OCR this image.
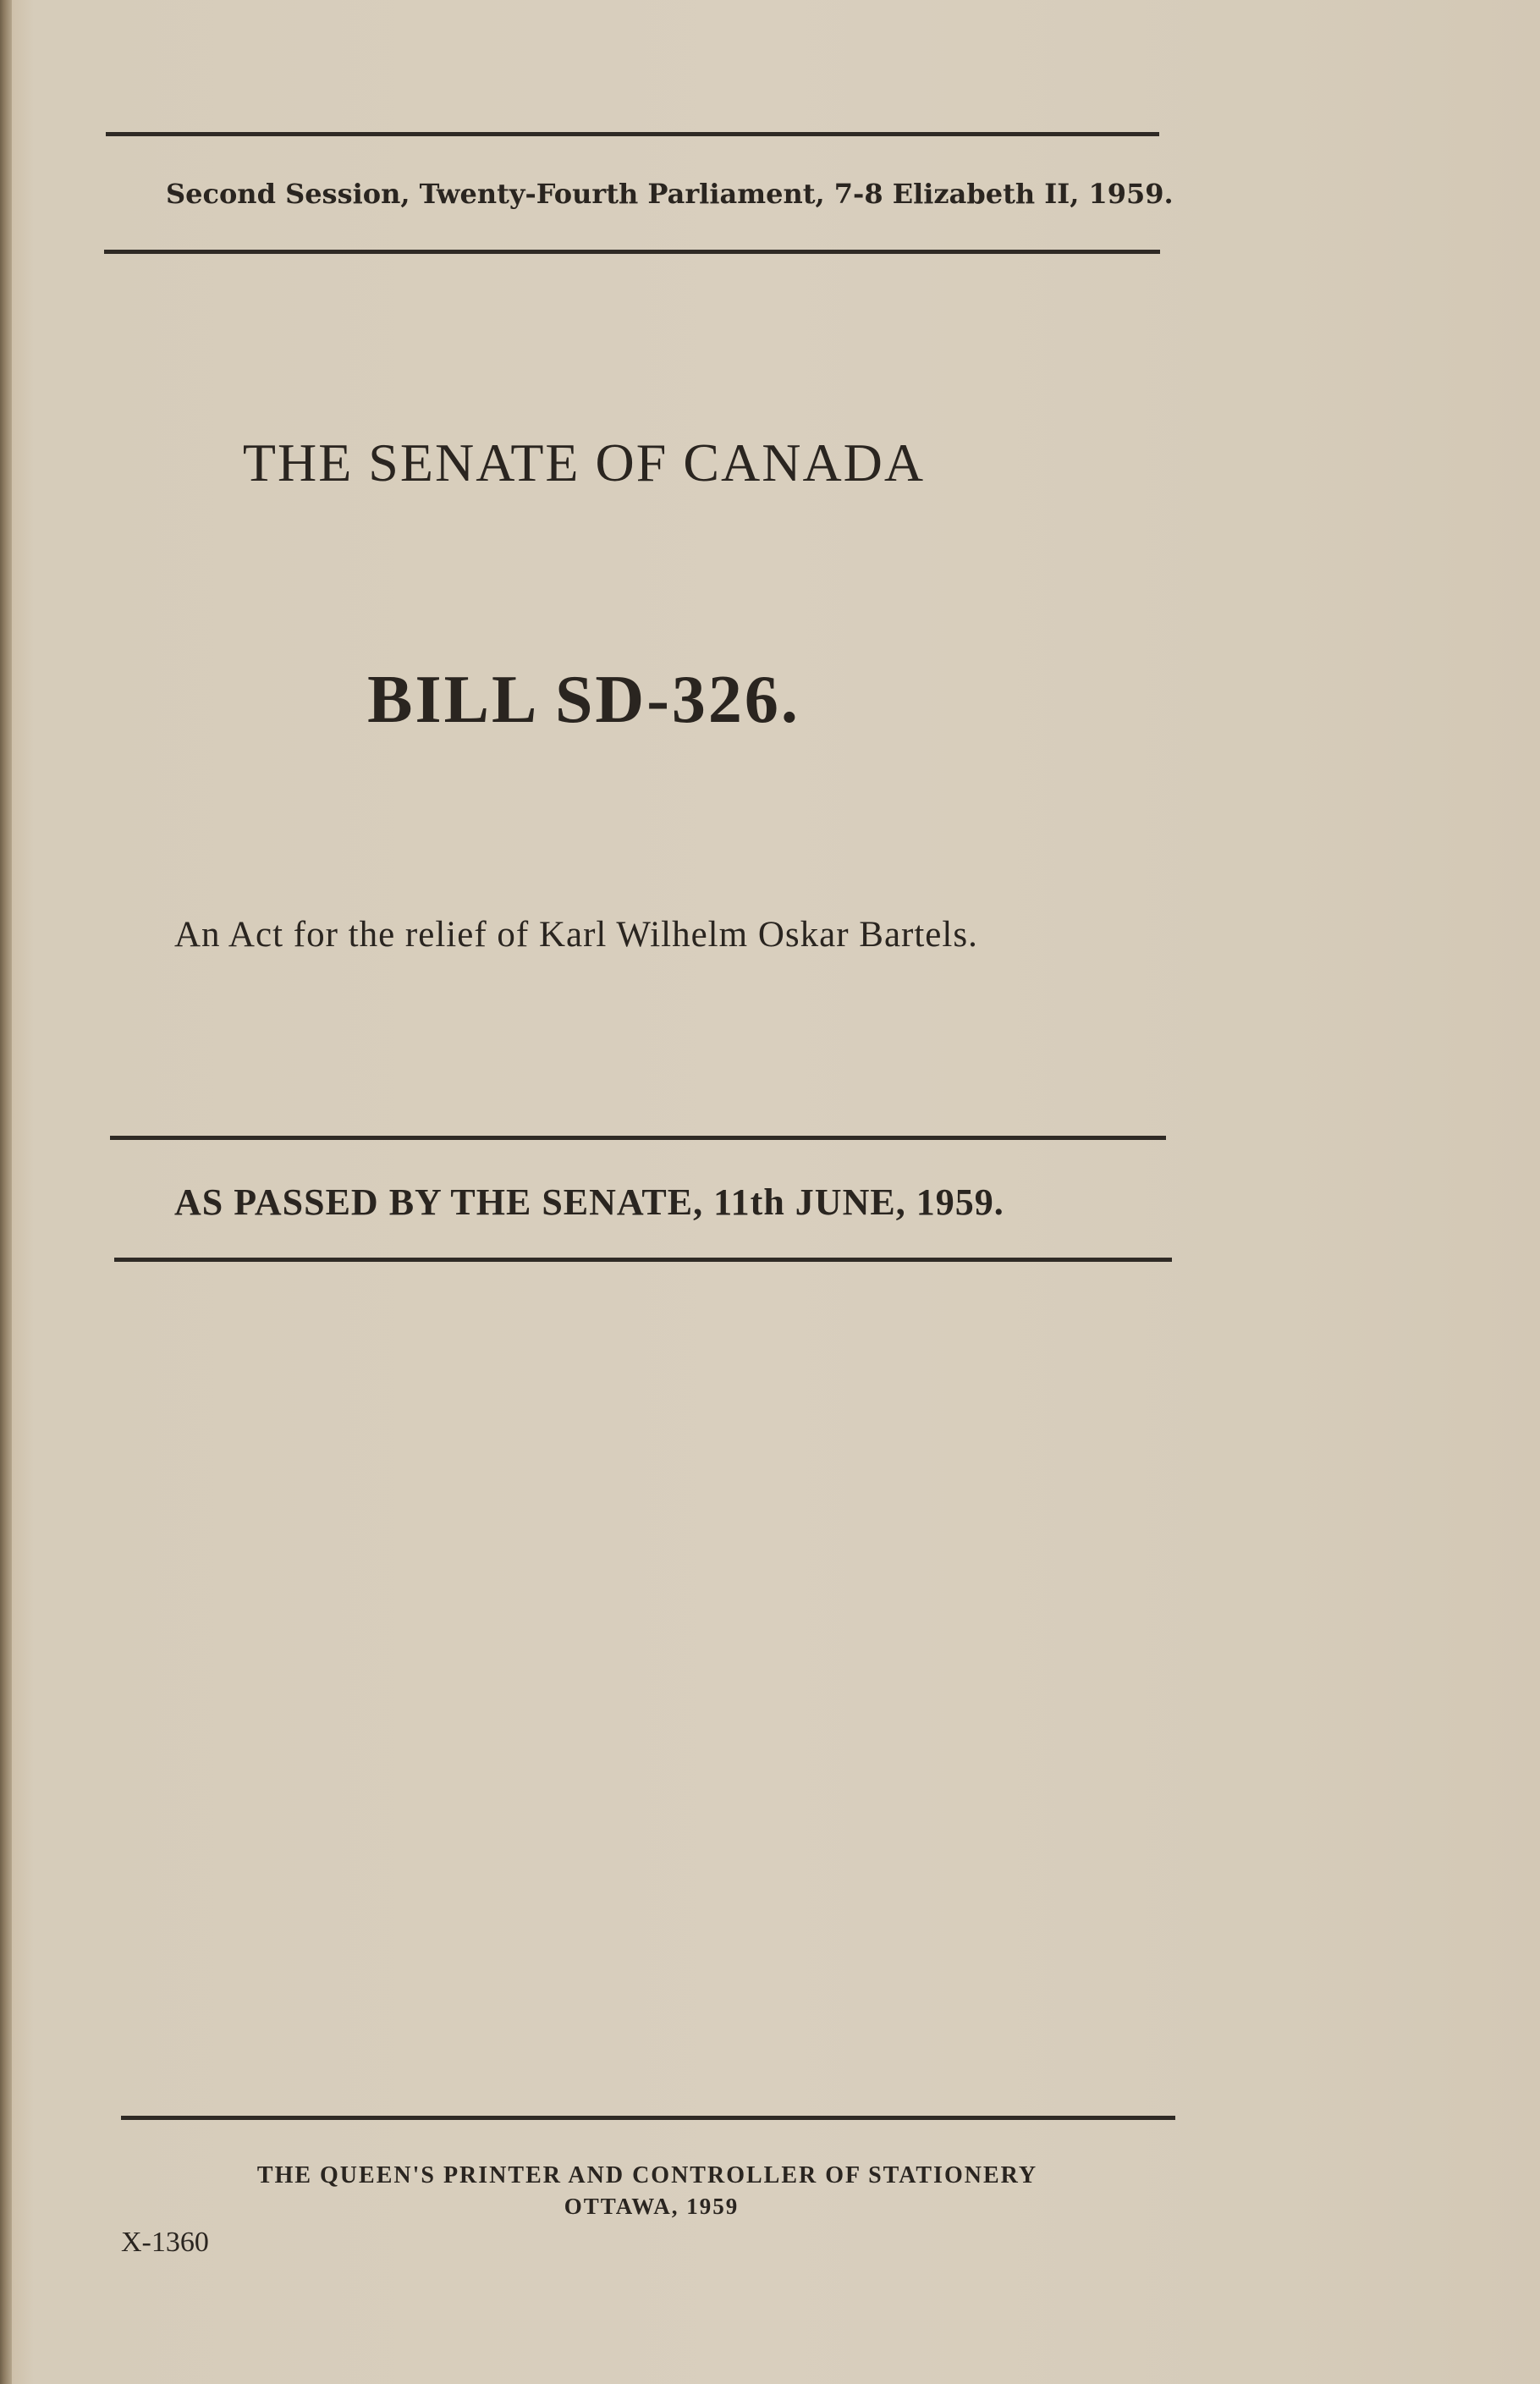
Second Session, Twenty-Fourth Parliament, 7-8 Elizabeth II, 1959.
THE SENATE OF CANADA
BILL SD-326.
An Act for the relief of Karl Wilhelm Oskar Bartels.
AS PASSED BY THE SENATE, 11th JUNE, 1959.
THE QUEEN'S PRINTER AND CONTROLLER OF STATIONERY
OTTAWA, 1959
X-1360
